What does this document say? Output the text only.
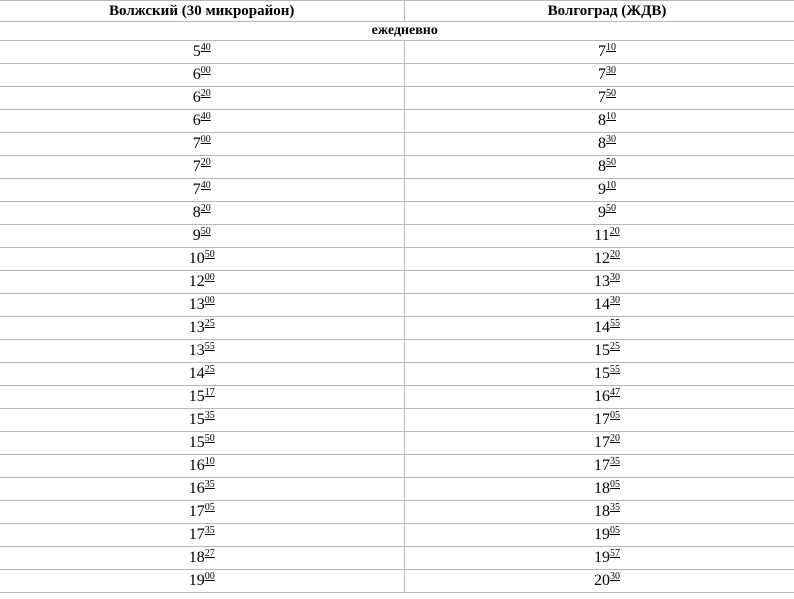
Волжский (30 микрорайон)	Волгоград (ЖДВ)
ежедневно	
$5^{40}$	$7^{10}$
$6^{00}$	$7^{30}$
$6^{20}$	$7^{50}$
$6^{40}$	$8^{10}$
$7^{00}$	$8^{30}$
$7^{20}$	$8^{50}$
$7^{40}$	$9^{10}$
$8^{20}$	$9^{50}$
$9^{50}$	$11^{20}$
$10^{50}$	$12^{20}$
$12^{00}$	$13^{30}$
$13^{00}$	$14^{30}$
$13^{25}$	$14^{55}$
$13^{55}$	$15^{25}$
$14^{25}$	$15^{55}$
$15^{17}$	$16^{47}$
$15^{35}$	$17^{05}$
$15^{50}$	$17^{20}$
$16^{10}$	$17^{35}$
$16^{35}$	$18^{05}$
$17^{05}$	$18^{35}$
$17^{35}$	$19^{05}$
$18^{27}$	$19^{57}$
$19^{00}$	$20^{30}$
